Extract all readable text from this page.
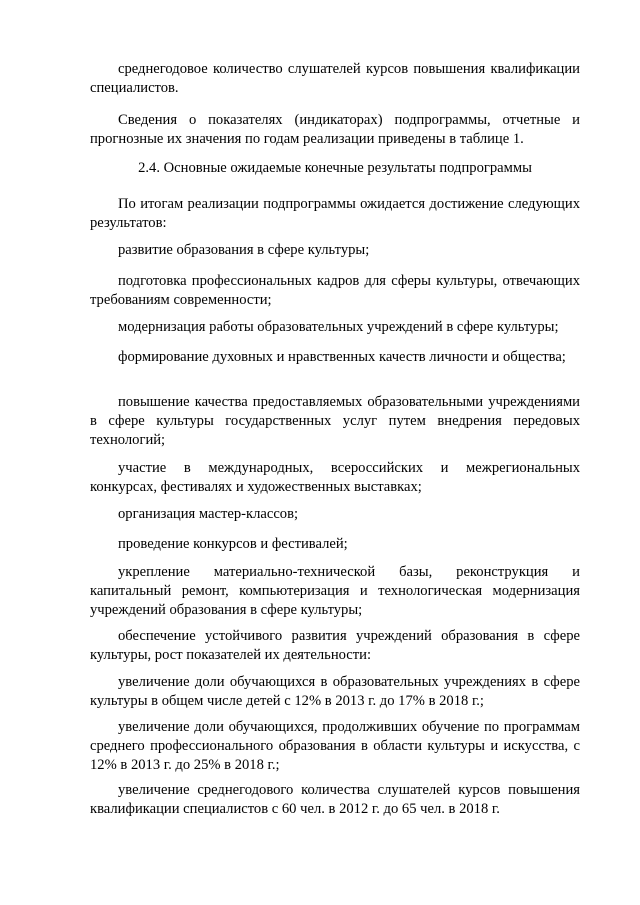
среднегодовое количество слушателей курсов повышения квалификации специалистов.

Сведения о показателях (индикаторах) подпрограммы, отчетные и прогнозные их значения по годам реализации приведены в таблице 1.

2.4. Основные ожидаемые конечные результаты подпрограммы

По итогам реализации подпрограммы ожидается достижение следующих результатов:

развитие образования в сфере культуры;

подготовка профессиональных кадров для сферы культуры, отвечающих требованиям современности;

модернизация работы образовательных учреждений в сфере культуры;

формирование духовных и нравственных качеств личности и общества;

повышение качества предоставляемых образовательными учреждениями в сфере культуры государственных услуг путем внедрения передовых технологий;

участие в международных, всероссийских и межрегиональных конкурсах, фестивалях и художественных выставках;

организация мастер-классов;

проведение конкурсов и фестивалей;

укрепление материально-технической базы, реконструкция и капитальный ремонт, компьютеризация и технологическая модернизация учреждений образования в сфере культуры;

обеспечение устойчивого развития учреждений образования в сфере культуры, рост показателей их деятельности:

увеличение доли обучающихся в образовательных учреждениях в сфере культуры в общем числе детей с 12% в 2013 г. до 17% в 2018 г.;

увеличение доли обучающихся, продолживших обучение по программам среднего профессионального образования в области культуры и искусства, с 12% в 2013 г. до 25% в 2018 г.;

увеличение среднегодового количества слушателей курсов повышения квалификации специалистов с 60 чел. в 2012 г. до 65 чел. в 2018 г.
